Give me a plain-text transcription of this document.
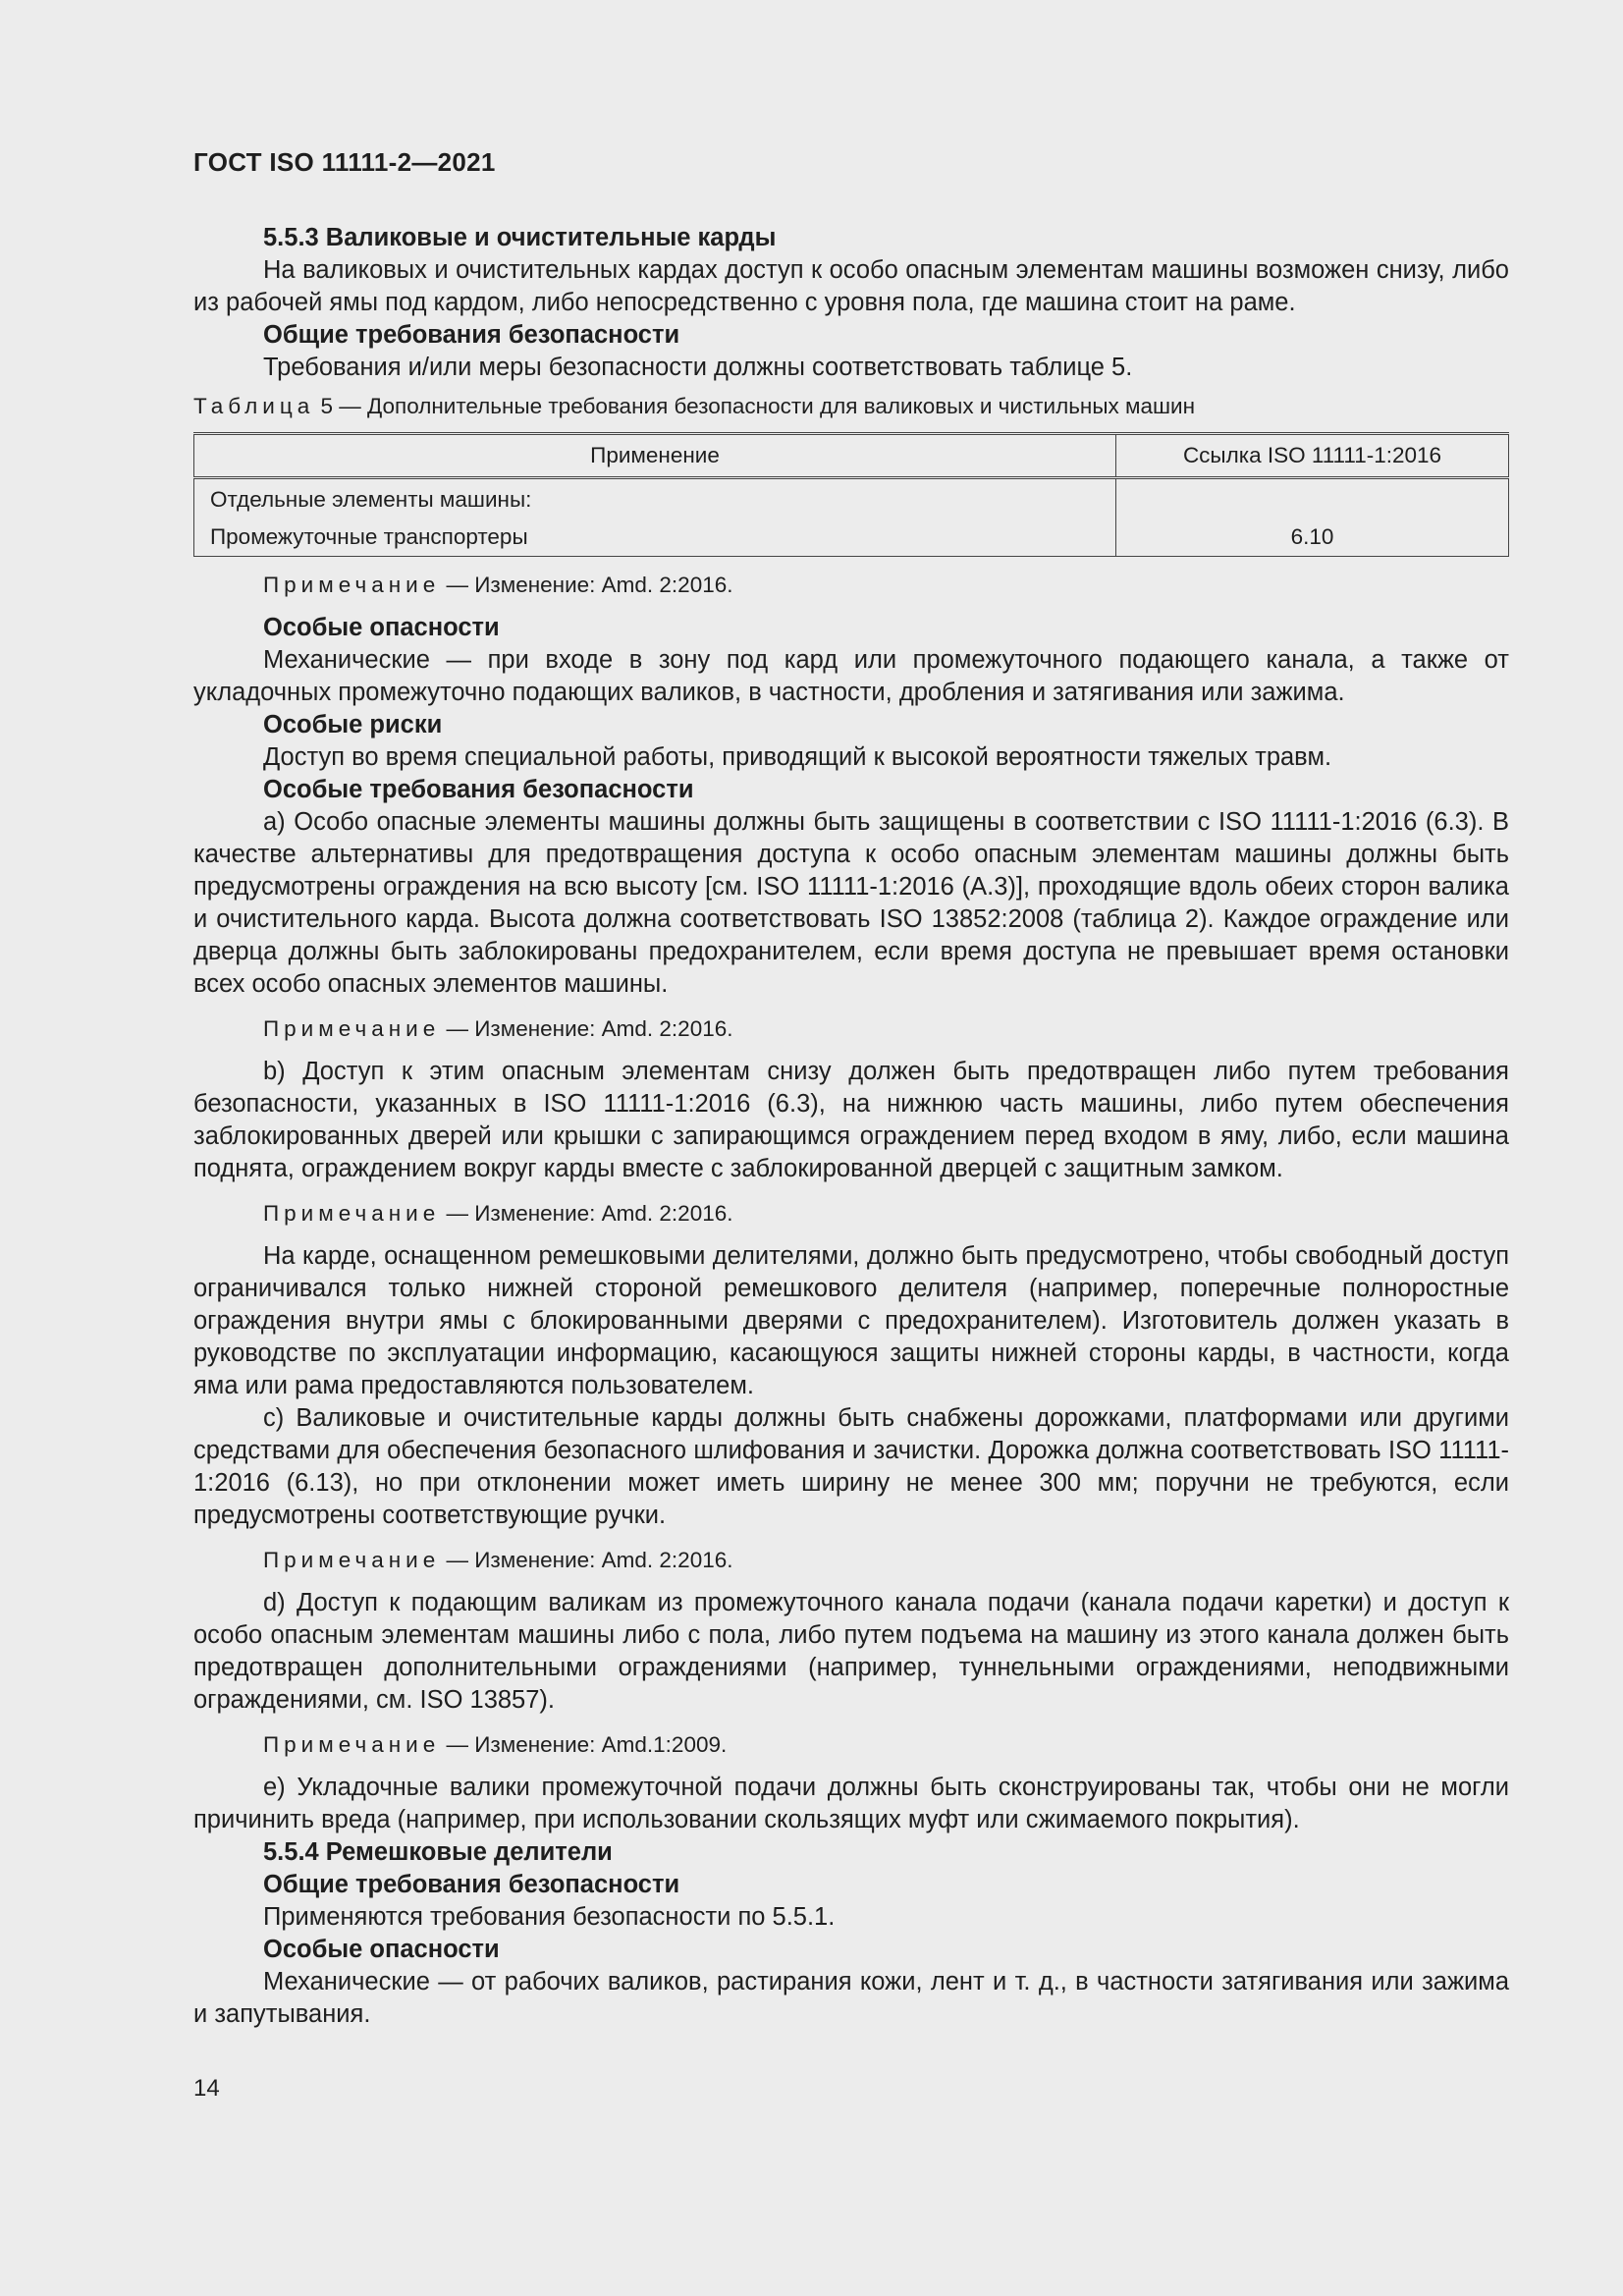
ГОСТ ISO 11111-2—2021

5.5.3 Валиковые и очистительные карды

На валиковых и очистительных кардах доступ к особо опасным элементам машины возможен снизу, либо из рабочей ямы под кардом, либо непосредственно с уровня пола, где машина стоит на раме.

Общие требования безопасности

Требования и/или меры безопасности должны соответствовать таблице 5.

Таблица 5 — Дополнительные требования безопасности для валиковых и чистильных машин
Применение	Ссылка ISO 11111-1:2016
Отдельные элементы машины:	
Промежуточные транспортеры	6.10
Примечание — Изменение: Amd. 2:2016.

Особые опасности

Механические — при входе в зону под кард или промежуточного подающего канала, а также от укладочных промежуточно подающих валиков, в частности, дробления и затягивания или зажима.

Особые риски

Доступ во время специальной работы, приводящий к высокой вероятности тяжелых травм.

Особые требования безопасности

a) Особо опасные элементы машины должны быть защищены в соответствии с ISO 11111-1:2016 (6.3). В качестве альтернативы для предотвращения доступа к особо опасным элементам машины должны быть предусмотрены ограждения на всю высоту [см. ISO 11111-1:2016 (А.3)], проходящие вдоль обеих сторон валика и очистительного карда. Высота должна соответствовать ISO 13852:2008 (таблица 2). Каждое ограждение или дверца должны быть заблокированы предохранителем, если время доступа не превышает время остановки всех особо опасных элементов машины.

Примечание — Изменение: Amd. 2:2016.

b) Доступ к этим опасным элементам снизу должен быть предотвращен либо путем требования безопасности, указанных в ISO 11111-1:2016 (6.3), на нижнюю часть машины, либо путем обеспечения заблокированных дверей или крышки с запирающимся ограждением перед входом в яму, либо, если машина поднята, ограждением вокруг карды вместе с заблокированной дверцей с защитным замком.

Примечание — Изменение: Amd. 2:2016.

На карде, оснащенном ремешковыми делителями, должно быть предусмотрено, чтобы свободный доступ ограничивался только нижней стороной ремешкового делителя (например, поперечные полноростные ограждения внутри ямы с блокированными дверями с предохранителем). Изготовитель должен указать в руководстве по эксплуатации информацию, касающуюся защиты нижней стороны карды, в частности, когда яма или рама предоставляются пользователем.

c) Валиковые и очистительные карды должны быть снабжены дорожками, платформами или другими средствами для обеспечения безопасного шлифования и зачистки. Дорожка должна соответствовать ISO 11111-1:2016 (6.13), но при отклонении может иметь ширину не менее 300 мм; поручни не требуются, если предусмотрены соответствующие ручки.

Примечание — Изменение: Amd. 2:2016.

d) Доступ к подающим валикам из промежуточного канала подачи (канала подачи каретки) и доступ к особо опасным элементам машины либо с пола, либо путем подъема на машину из этого канала должен быть предотвращен дополнительными ограждениями (например, туннельными ограждениями, неподвижными ограждениями, см. ISO 13857).

Примечание — Изменение: Amd.1:2009.

e) Укладочные валики промежуточной подачи должны быть сконструированы так, чтобы они не могли причинить вреда (например, при использовании скользящих муфт или сжимаемого покрытия).

5.5.4 Ремешковые делители

Общие требования безопасности

Применяются требования безопасности по 5.5.1.

Особые опасности

Механические — от рабочих валиков, растирания кожи, лент и т. д., в частности затягивания или зажима и запутывания.

14
